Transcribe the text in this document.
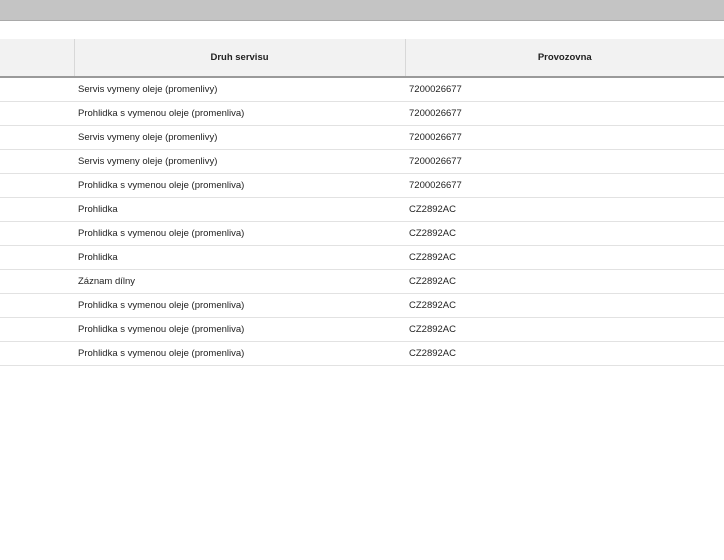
	Druh servisu	Provozovna
	Servis vymeny oleje (promenlivy)	7200026677
	Prohlidka s vymenou oleje (promenliva)	7200026677
	Servis vymeny oleje (promenlivy)	7200026677
	Servis vymeny oleje (promenlivy)	7200026677
	Prohlidka s vymenou oleje (promenliva)	7200026677
	Prohlidka	CZ2892AC
	Prohlidka s vymenou oleje (promenliva)	CZ2892AC
	Prohlidka	CZ2892AC
	Záznam dílny	CZ2892AC
	Prohlidka s vymenou oleje (promenliva)	CZ2892AC
	Prohlidka s vymenou oleje (promenliva)	CZ2892AC
	Prohlidka s vymenou oleje (promenliva)	CZ2892AC
